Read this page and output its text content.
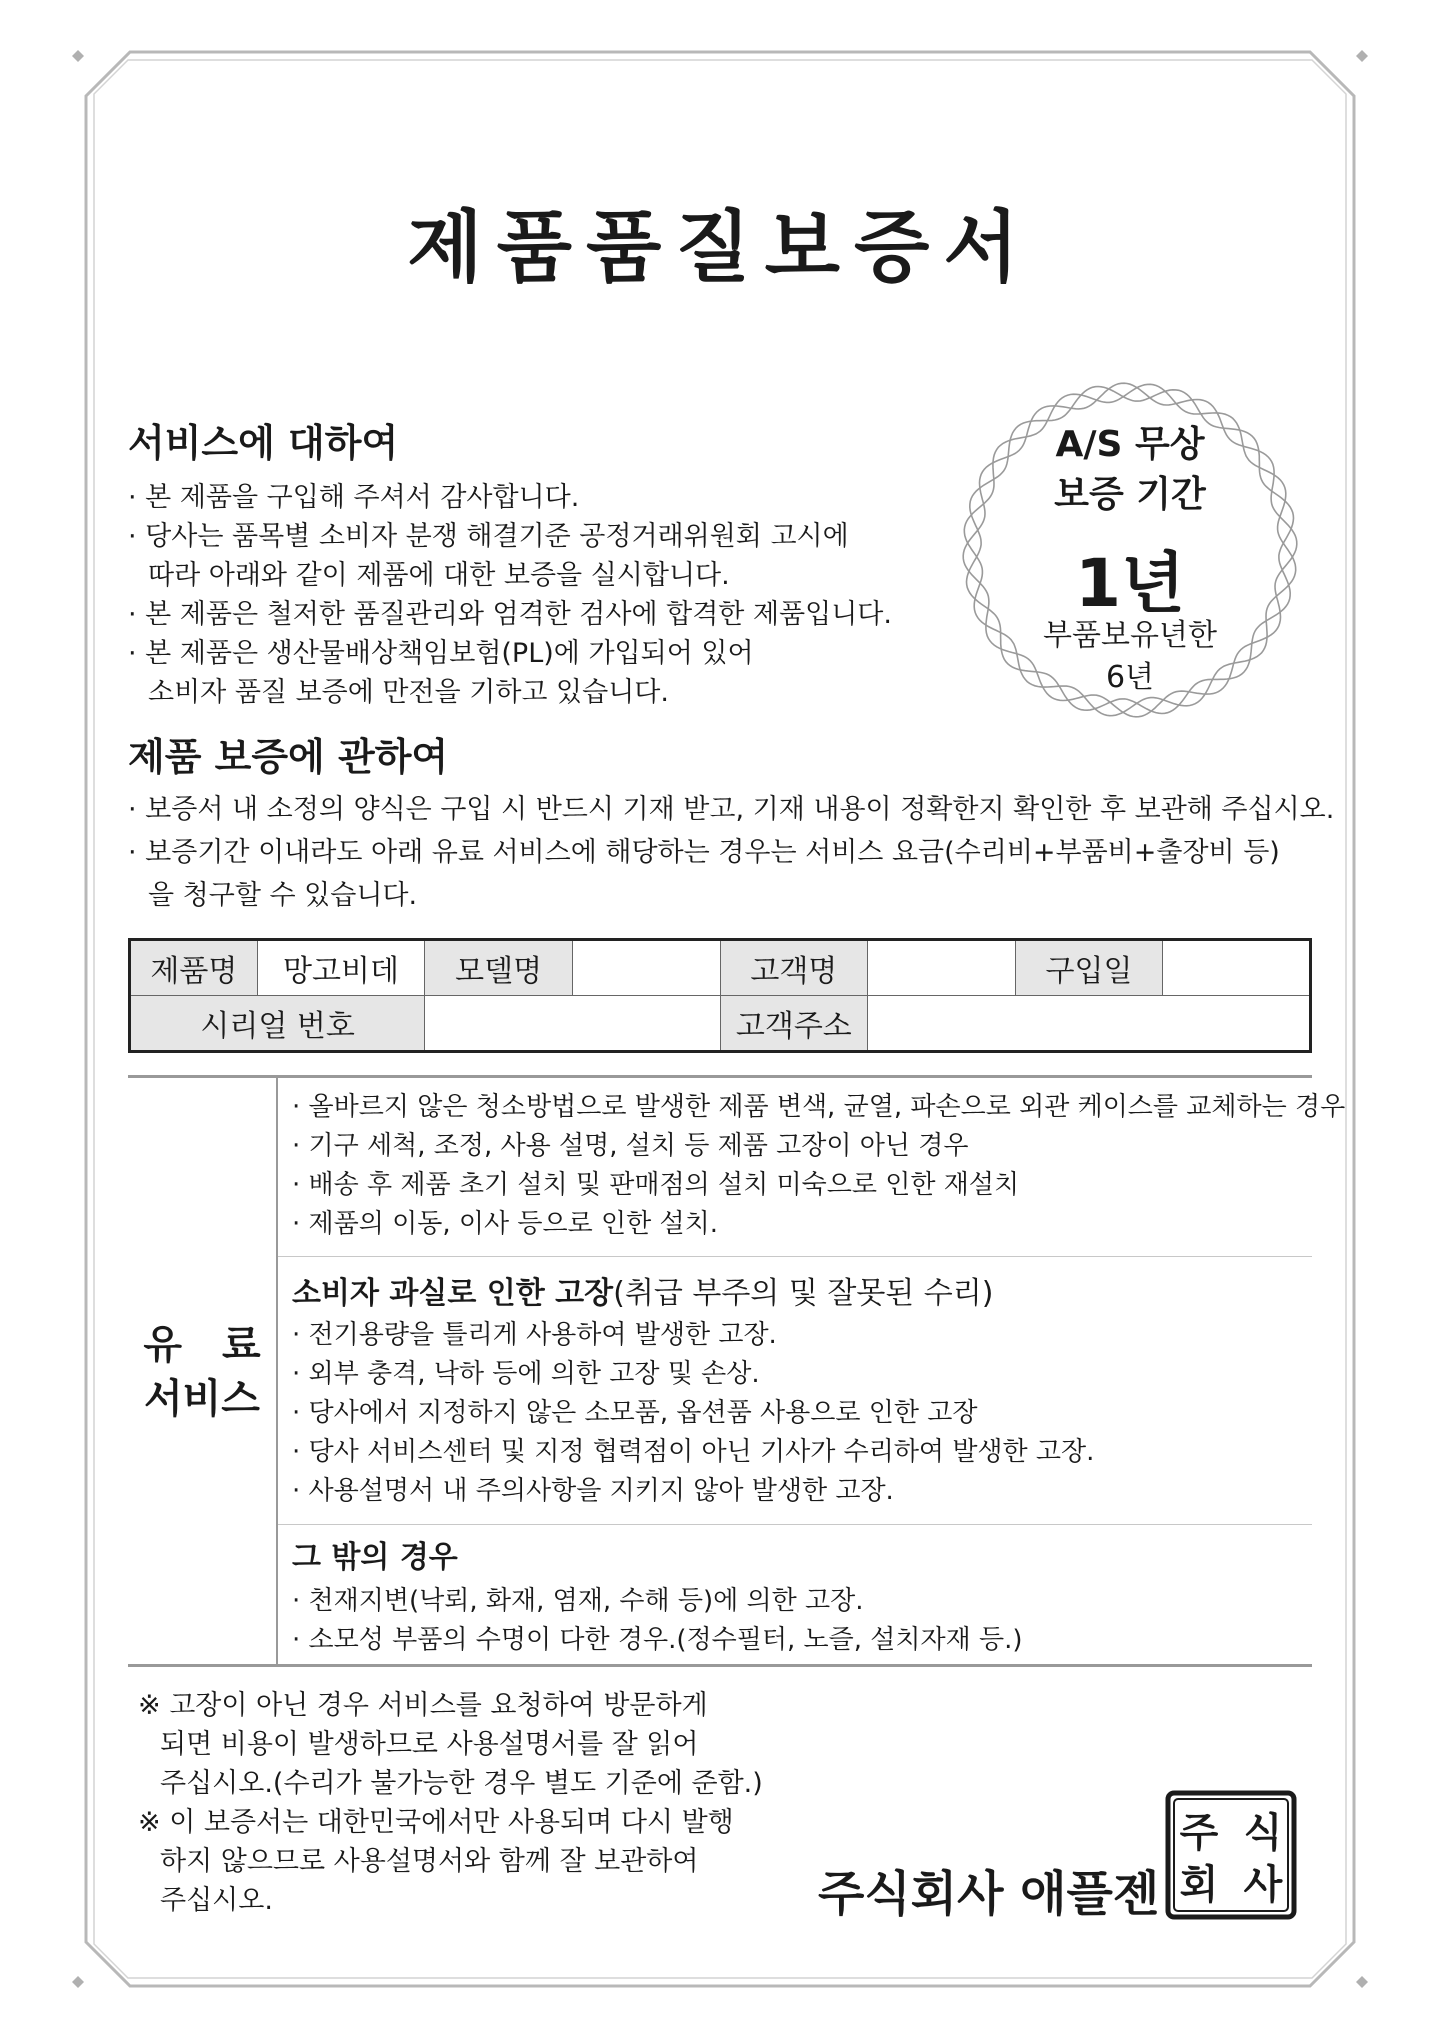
제품품질보증서
서비스에 대하여
· 본 제품을 구입해 주셔서 감사합니다.
· 당사는 품목별 소비자 분쟁 해결기준 공정거래위원회 고시에
따라 아래와 같이 제품에 대한 보증을 실시합니다.
· 본 제품은 철저한 품질관리와 엄격한 검사에 합격한 제품입니다.
· 본 제품은 생산물배상책임보험(PL)에 가입되어 있어
소비자 품질 보증에 만전을 기하고 있습니다.
A/S 무상
보증 기간
1년
부품보유년한
6년
제품 보증에 관하여
· 보증서 내 소정의 양식은 구입 시 반드시 기재 받고, 기재 내용이 정확한지 확인한 후 보관해 주십시오.
· 보증기간 이내라도 아래 유료 서비스에 해당하는 경우는 서비스 요금(수리비+부품비+출장비 등)
을 청구할 수 있습니다.
제품명	망고비데	모델명		고객명		구입일	
시리얼 번호				고객주소			
유　료
서비스
· 올바르지 않은 청소방법으로 발생한 제품 변색, 균열, 파손으로 외관 케이스를 교체하는 경우
· 기구 세척, 조정, 사용 설명, 설치 등 제품 고장이 아닌 경우
· 배송 후 제품 초기 설치 및 판매점의 설치 미숙으로 인한 재설치
· 제품의 이동, 이사 등으로 인한 설치.
소비자 과실로 인한 고장(취급 부주의 및 잘못된 수리)
· 전기용량을 틀리게 사용하여 발생한 고장.
· 외부 충격, 낙하 등에 의한 고장 및 손상.
· 당사에서 지정하지 않은 소모품, 옵션품 사용으로 인한 고장
· 당사 서비스센터 및 지정 협력점이 아닌 기사가 수리하여 발생한 고장.
· 사용설명서 내 주의사항을 지키지 않아 발생한 고장.
그 밖의 경우
· 천재지변(낙뢰, 화재, 염재, 수해 등)에 의한 고장.
· 소모성 부품의 수명이 다한 경우.(정수필터, 노즐, 설치자재 등.)
※ 고장이 아닌 경우 서비스를 요청하여 방문하게
되면 비용이 발생하므로 사용설명서를 잘 읽어
주십시오.(수리가 불가능한 경우 별도 기준에 준함.)
※ 이 보증서는 대한민국에서만 사용되며 다시 발행
하지 않으므로 사용설명서와 함께 잘 보관하여
주십시오.	주식회사 애플젠
주 식
회 사
